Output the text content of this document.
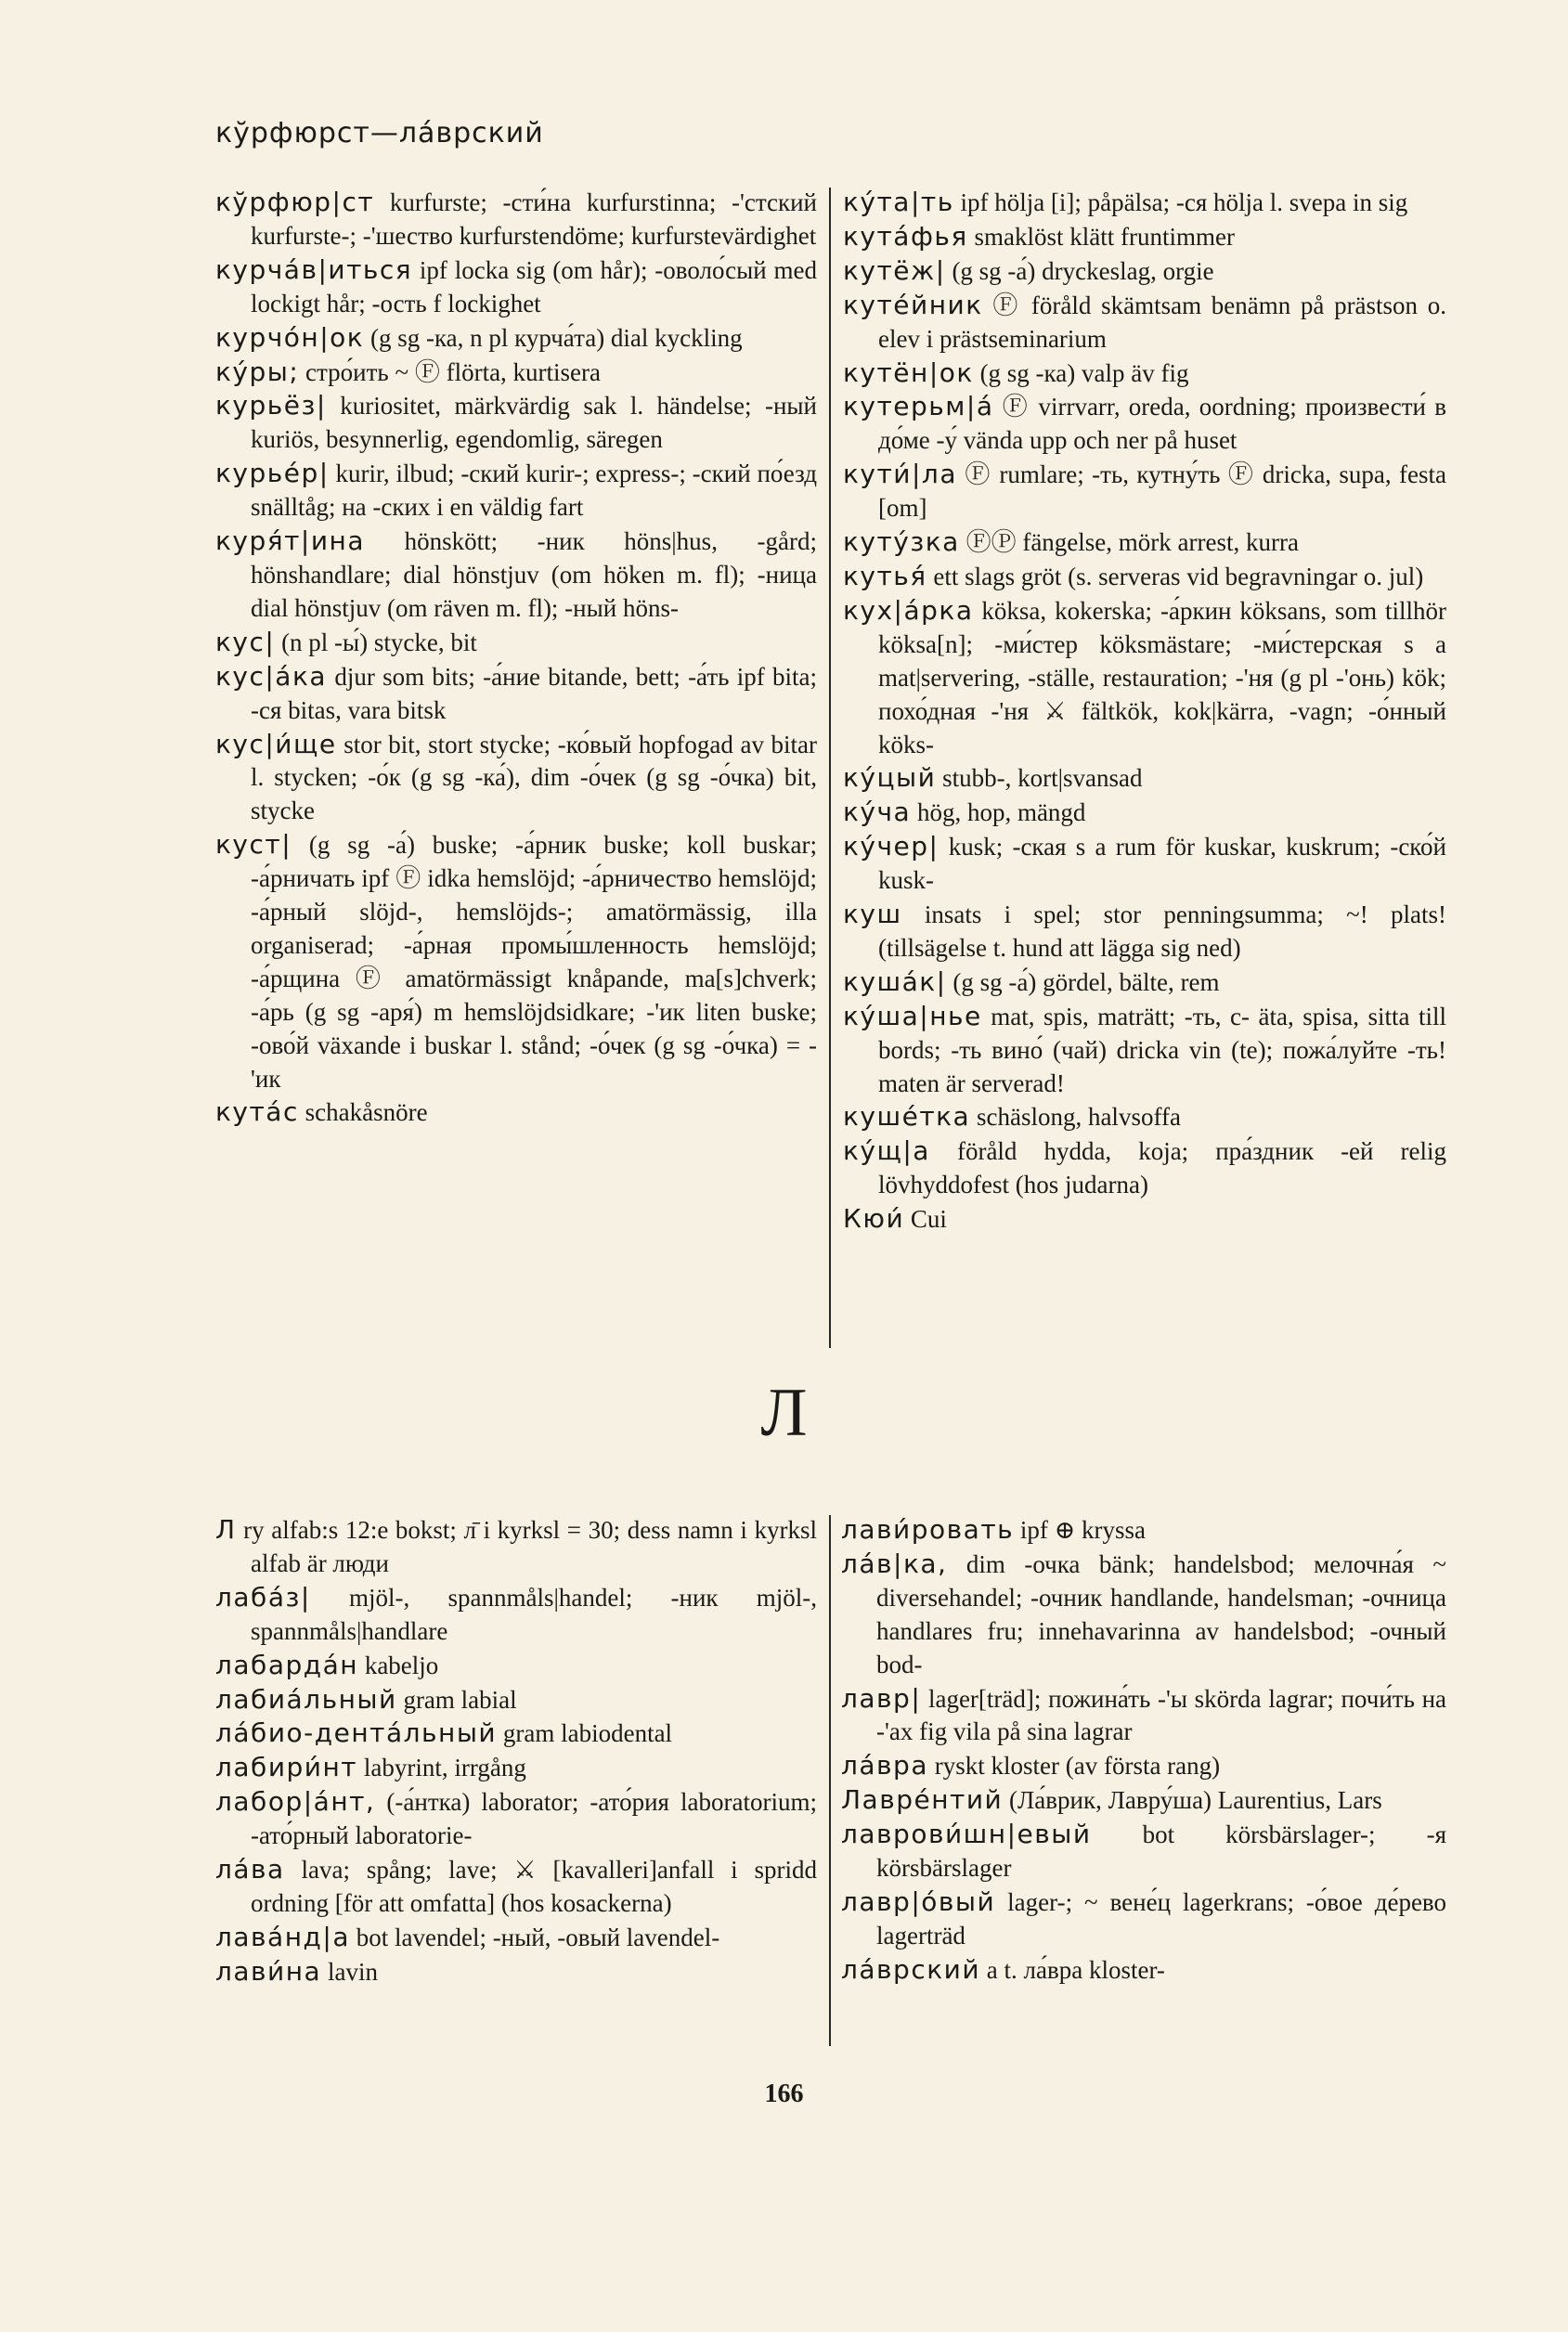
кўрфюрст—ла́врский

кўрфюр|ст kurfurste; -сти́на kurfurstinna; -'стский kurfurste-; -'шество kurfurstendöme; kurfurstevärdighet

курча́в|иться ipf locka sig (om hår); -оволо́сый med lockigt hår; -ость f lockighet

курчо́н|ок (g sg -ка, n pl курча́та) dial kyckling

ку́ры; стро́ить ~ Ⓕ flörta, kurtisera

курьёз| kuriositet, märkvärdig sak l. händelse; -ный kuriös, besynnerlig, egendomlig, säregen

курье́р| kurir, ilbud; -ский kurir-; express-; -ский по́езд snälltåg; на -ских i en väldig fart

куря́т|ина hönskött; -ник höns|hus, -gård; hönshandlare; dial hönstjuv (om höken m. fl); -ница dial hönstjuv (om räven m. fl); -ный höns-

кус| (n pl -ы́) stycke, bit

кус|а́ка djur som bits; -а́ние bitande, bett; -а́ть ipf bita; -ся bitas, vara bitsk

кус|и́ще stor bit, stort stycke; -ко́вый hopfogad av bitar l. stycken; -о́к (g sg -ка́), dim -о́чек (g sg -о́чка) bit, stycke

куст| (g sg -а́) buske; -а́рник buske; koll buskar; -а́рничать ipf Ⓕ idka hemslöjd; -а́рничество hemslöjd; -а́рный slöjd-, hemslöjds-; amatörmässig, illa organiserad; -а́рная промы́шленность hemslöjd; -а́рщина Ⓕ amatörmässigt knåpande, ma[s]chverk; -а́рь (g sg -аря́) m hemslöjdsidkare; -'ик liten buske; -ово́й växande i buskar l. stånd; -о́чек (g sg -о́чка) = -'ик

кута́с schakåsnöre

ку́та|ть ipf hölja [i]; påpälsa; -ся hölja l. svepa in sig

кута́фья smaklöst klätt fruntimmer

кутёж| (g sg -а́) dryckeslag, orgie

куте́йник Ⓕ föråld skämtsam benämn på prästson o. elev i prästseminarium

кутён|ок (g sg -ка) valp äv fig

кутерьм|а́ Ⓕ virrvarr, oreda, oordning; произвести́ в до́ме -у́ vända upp och ner på huset

кути́|ла Ⓕ rumlare; -ть, кутну́ть Ⓕ dricka, supa, festa [om]

куту́зка ⒻⓅ fängelse, mörk arrest, kurra

кутья́ ett slags gröt (s. serveras vid begravningar o. jul)

кух|а́рка köksa, kokerska; -а́ркин köksans, som tillhör köksa[n]; -ми́стер köksmästare; -ми́стерская s a mat|servering, -ställe, restauration; -'ня (g pl -'онь) kök; похо́дная -'ня ⚔ fältkök, kok|kärra, -vagn; -о́нный köks-

ку́цый stubb-, kort|svansad

ку́ча hög, hop, mängd

ку́чер| kusk; -ская s a rum för kuskar, kuskrum; -ско́й kusk-

куш insats i spel; stor penningsumma; ~! plats! (tillsägelse t. hund att lägga sig ned)

куша́к| (g sg -а́) gördel, bälte, rem

ку́ша|нье mat, spis, maträtt; -ть, с- äta, spisa, sitta till bords; -ть вино́ (чай) dricka vin (te); пожа́луйте -ть! maten är serverad!

куше́тка schäslong, halvsoffa

ку́щ|а föråld hydda, koja; пра́здник -ей relig lövhyddofest (hos judarna)

Кюи́ Cui

Л

Л ry alfab:s 12:e bokst; л̄ i kyrksl = 30; dess namn i kyrksl alfab är люди

лаба́з| mjöl-, spannmåls|handel; -ник mjöl-, spannmåls|handlare

лабарда́н kabeljo

лабиа́льный gram labial

ла́био-дента́льный gram labiodental

лабири́нт labyrint, irrgång

лабор|а́нт, (-а́нтка) laborator; -ато́рия laboratorium; -ато́рный laboratorie-

ла́ва lava; spång; lave; ⚔ [kavalleri]anfall i spridd ordning [för att omfatta] (hos kosackerna)

лава́нд|а bot lavendel; -ный, -овый lavendel-

лави́на lavin

лави́ровать ipf ⊕ kryssa

ла́в|ка, dim -очка bänk; handelsbod; мелочна́я ~ diversehandel; -очник handlande, handelsman; -очница handlares fru; innehavarinna av handelsbod; -очный bod-

лавр| lager[träd]; пожина́ть -'ы skörda lagrar; почи́ть на -'ах fig vila på sina lagrar

ла́вра ryskt kloster (av första rang)

Лавре́нтий (Ла́врик, Лавру́ша) Laurentius, Lars

лаврови́шн|евый bot körsbärslager-; -я körsbärslager

лавр|о́вый lager-; ~ вене́ц lagerkrans; -о́вое де́рево lagerträd

ла́врский a t. ла́вра kloster-

166
